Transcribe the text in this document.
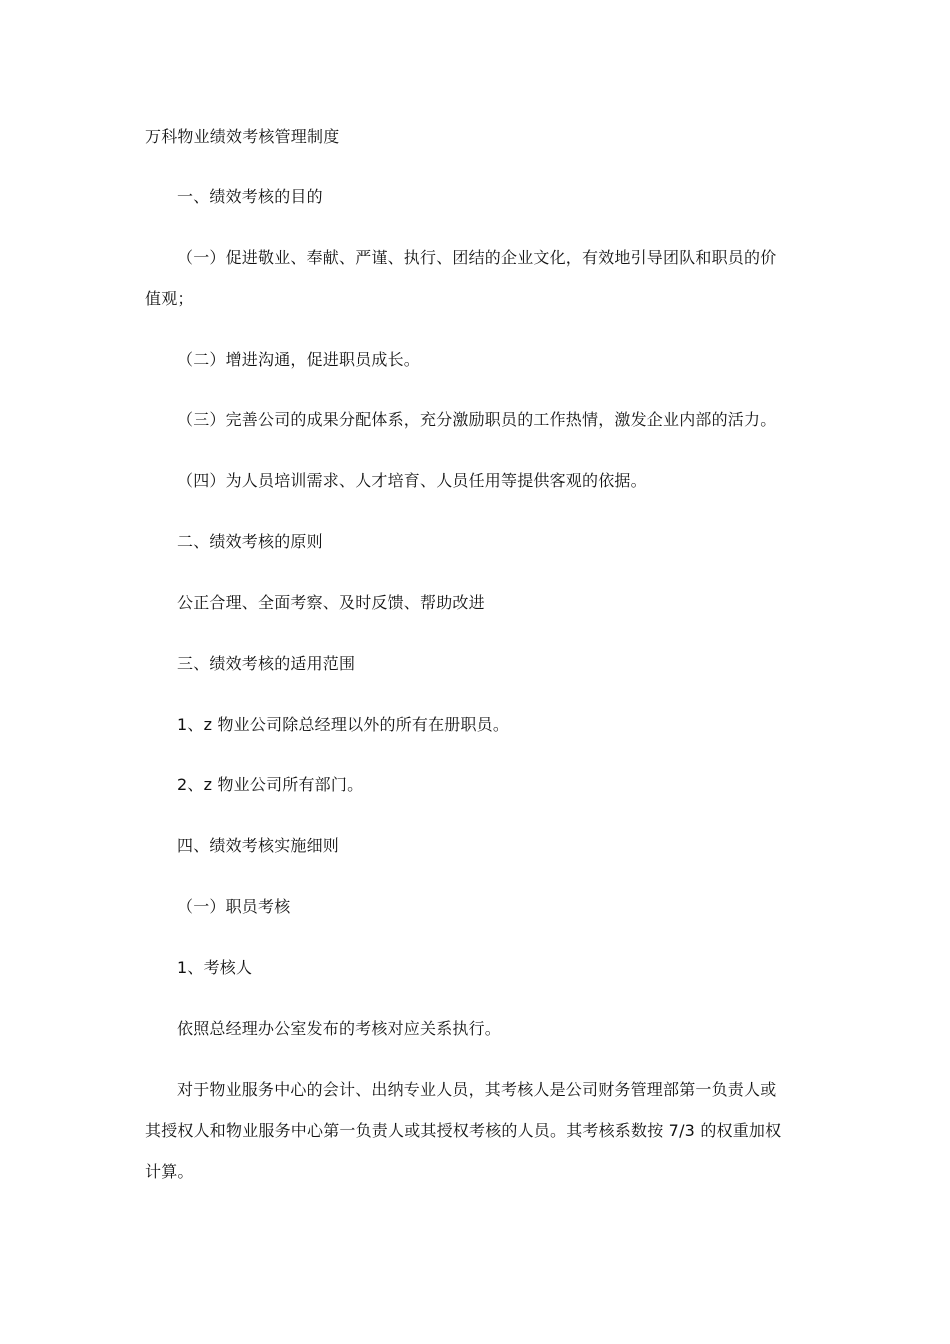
万科物业绩效考核管理制度
一、绩效考核的目的
（一）促进敬业、奉献、严谨、执行、团结的企业文化，有效地引导团队和职员的价
值观；
（二）增进沟通，促进职员成长。
（三）完善公司的成果分配体系，充分激励职员的工作热情，激发企业内部的活力。
（四）为人员培训需求、人才培育、人员任用等提供客观的依据。
二、绩效考核的原则
公正合理、全面考察、及时反馈、帮助改进
三、绩效考核的适用范围
1、z 物业公司除总经理以外的所有在册职员。
2、z 物业公司所有部门。
四、绩效考核实施细则
（一）职员考核
1、考核人
依照总经理办公室发布的考核对应关系执行。
对于物业服务中心的会计、出纳专业人员，其考核人是公司财务管理部第一负责人或
其授权人和物业服务中心第一负责人或其授权考核的人员。其考核系数按 7/3 的权重加权
计算。
